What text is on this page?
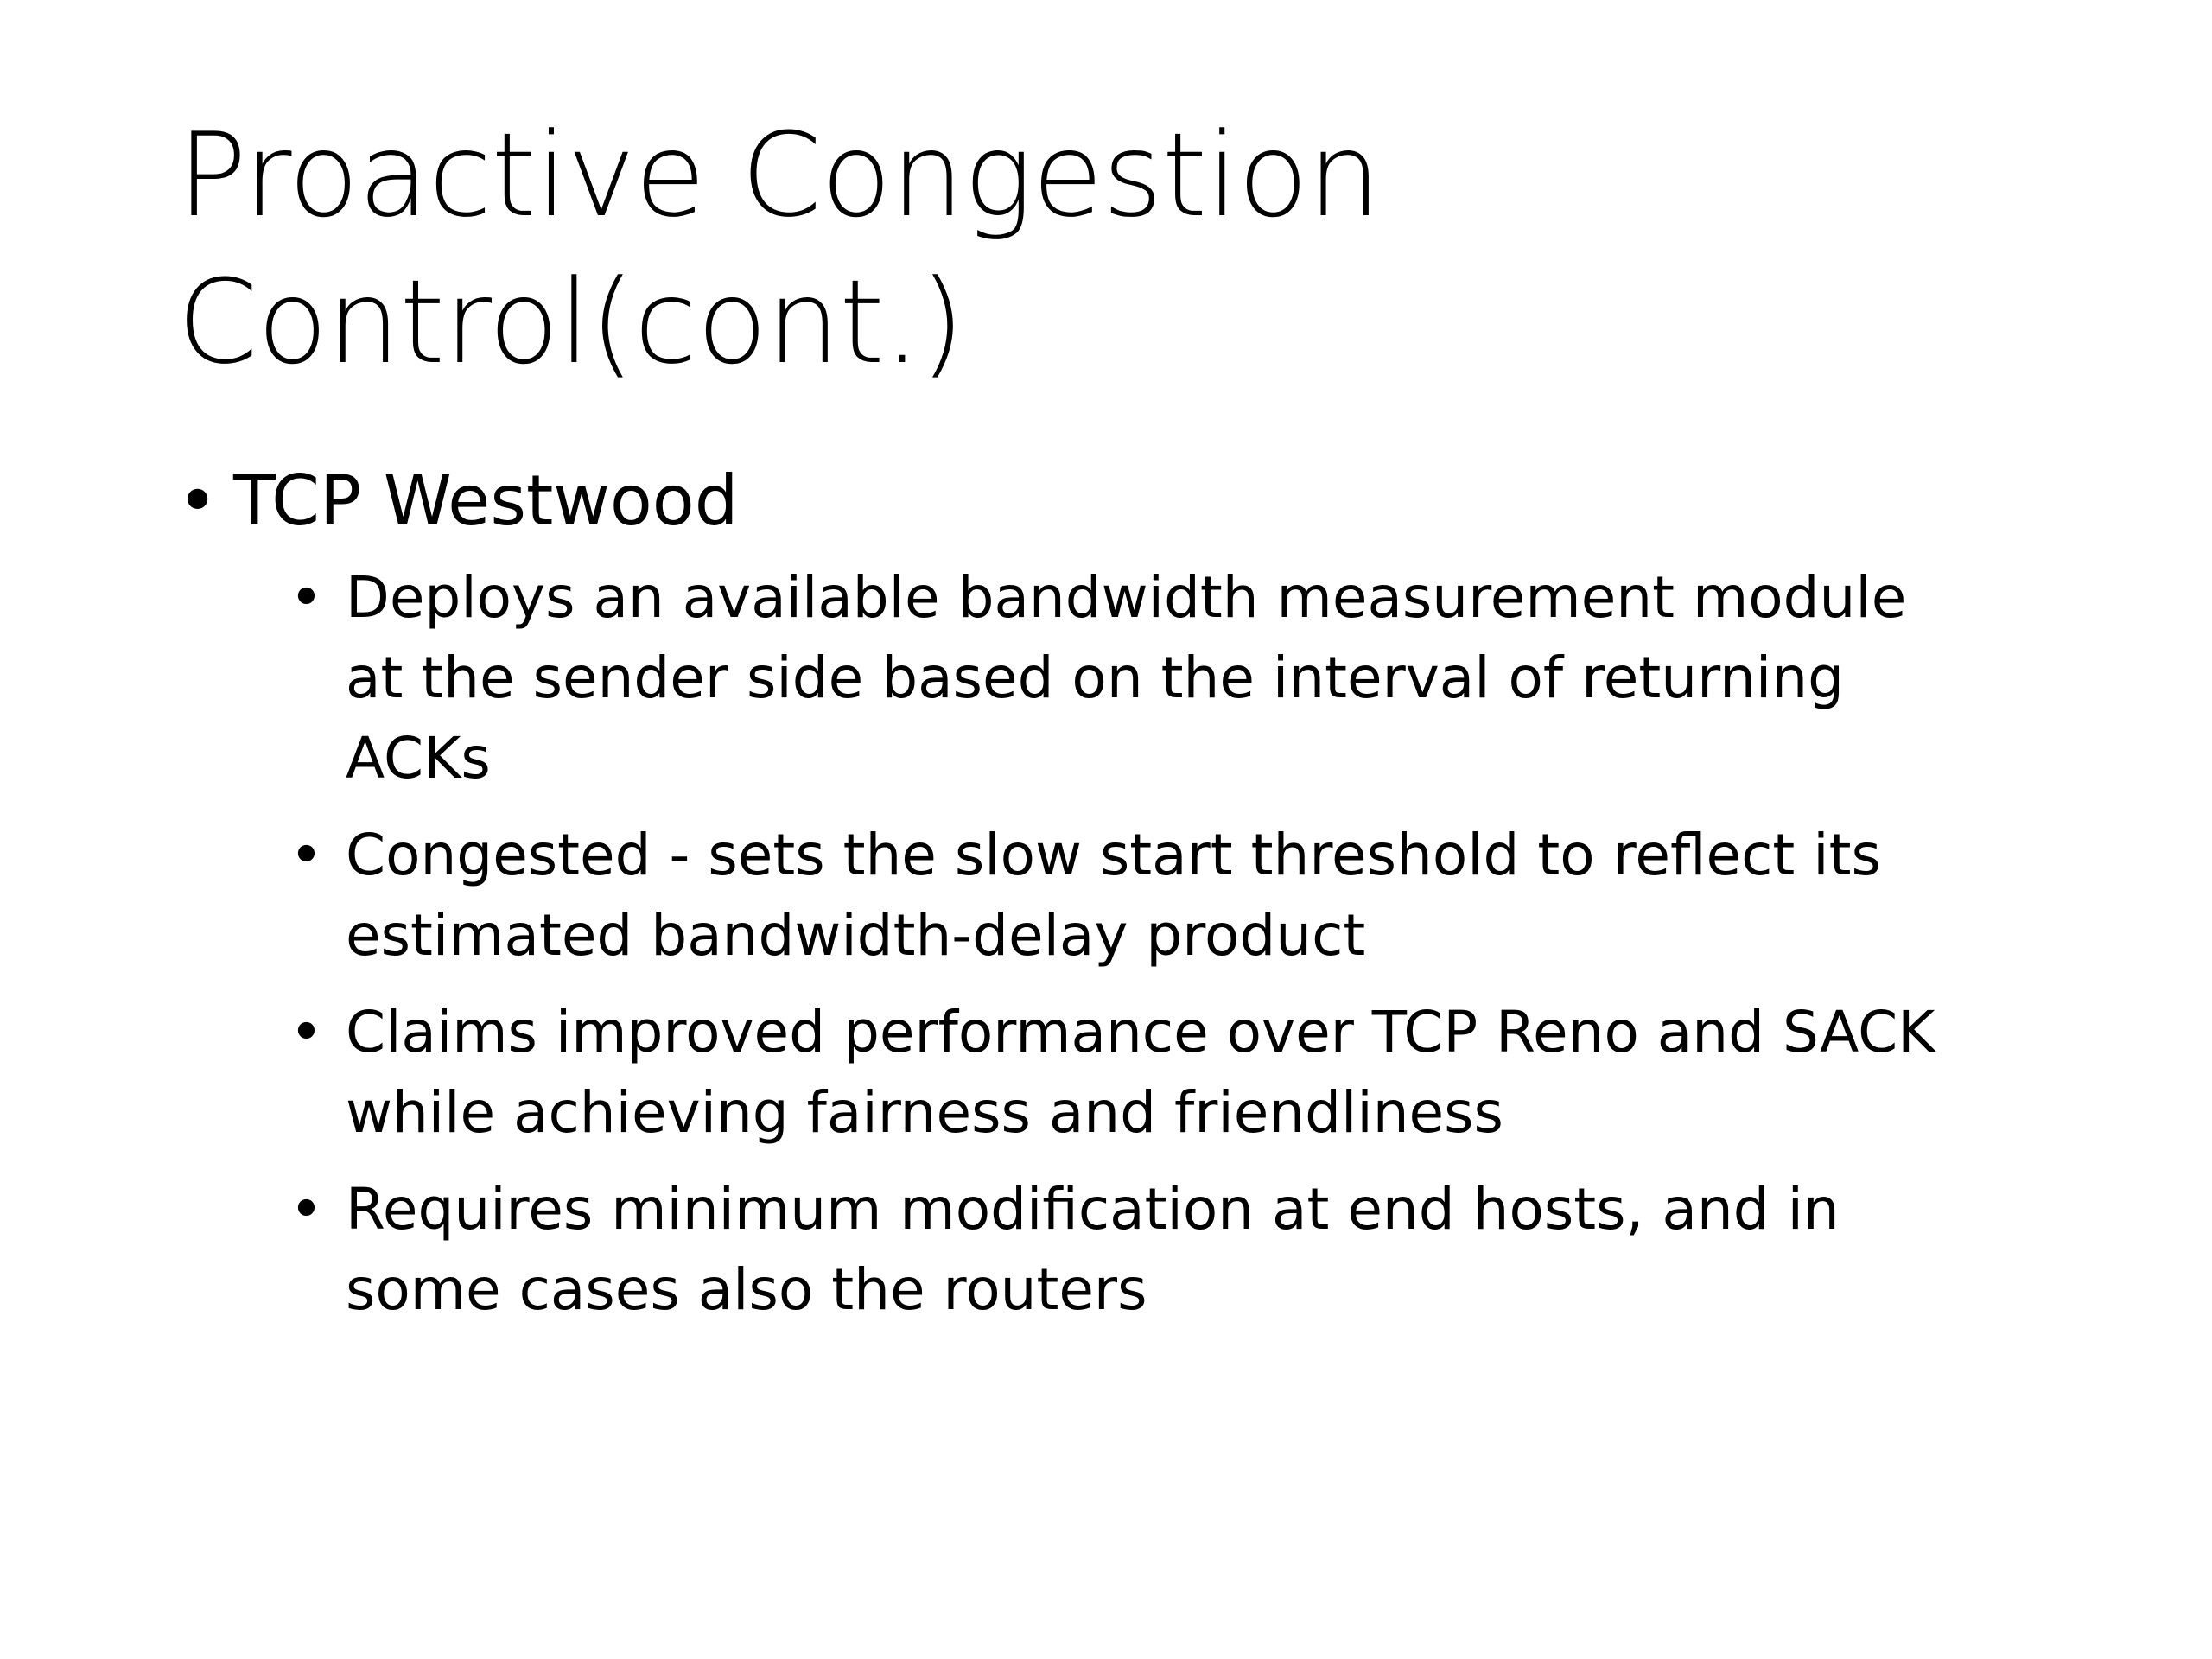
Proactive Congestion
Control(cont.)
• TCP Westwood
• Deploys an available bandwidth measurement module
at the sender side based on the interval of returning
ACKs
• Congested - sets the slow start threshold to reflect its
estimated bandwidth-delay product
• Claims improved performance over TCP Reno and SACK
while achieving fairness and friendliness
• Requires minimum modification at end hosts, and in
some cases also the routers
